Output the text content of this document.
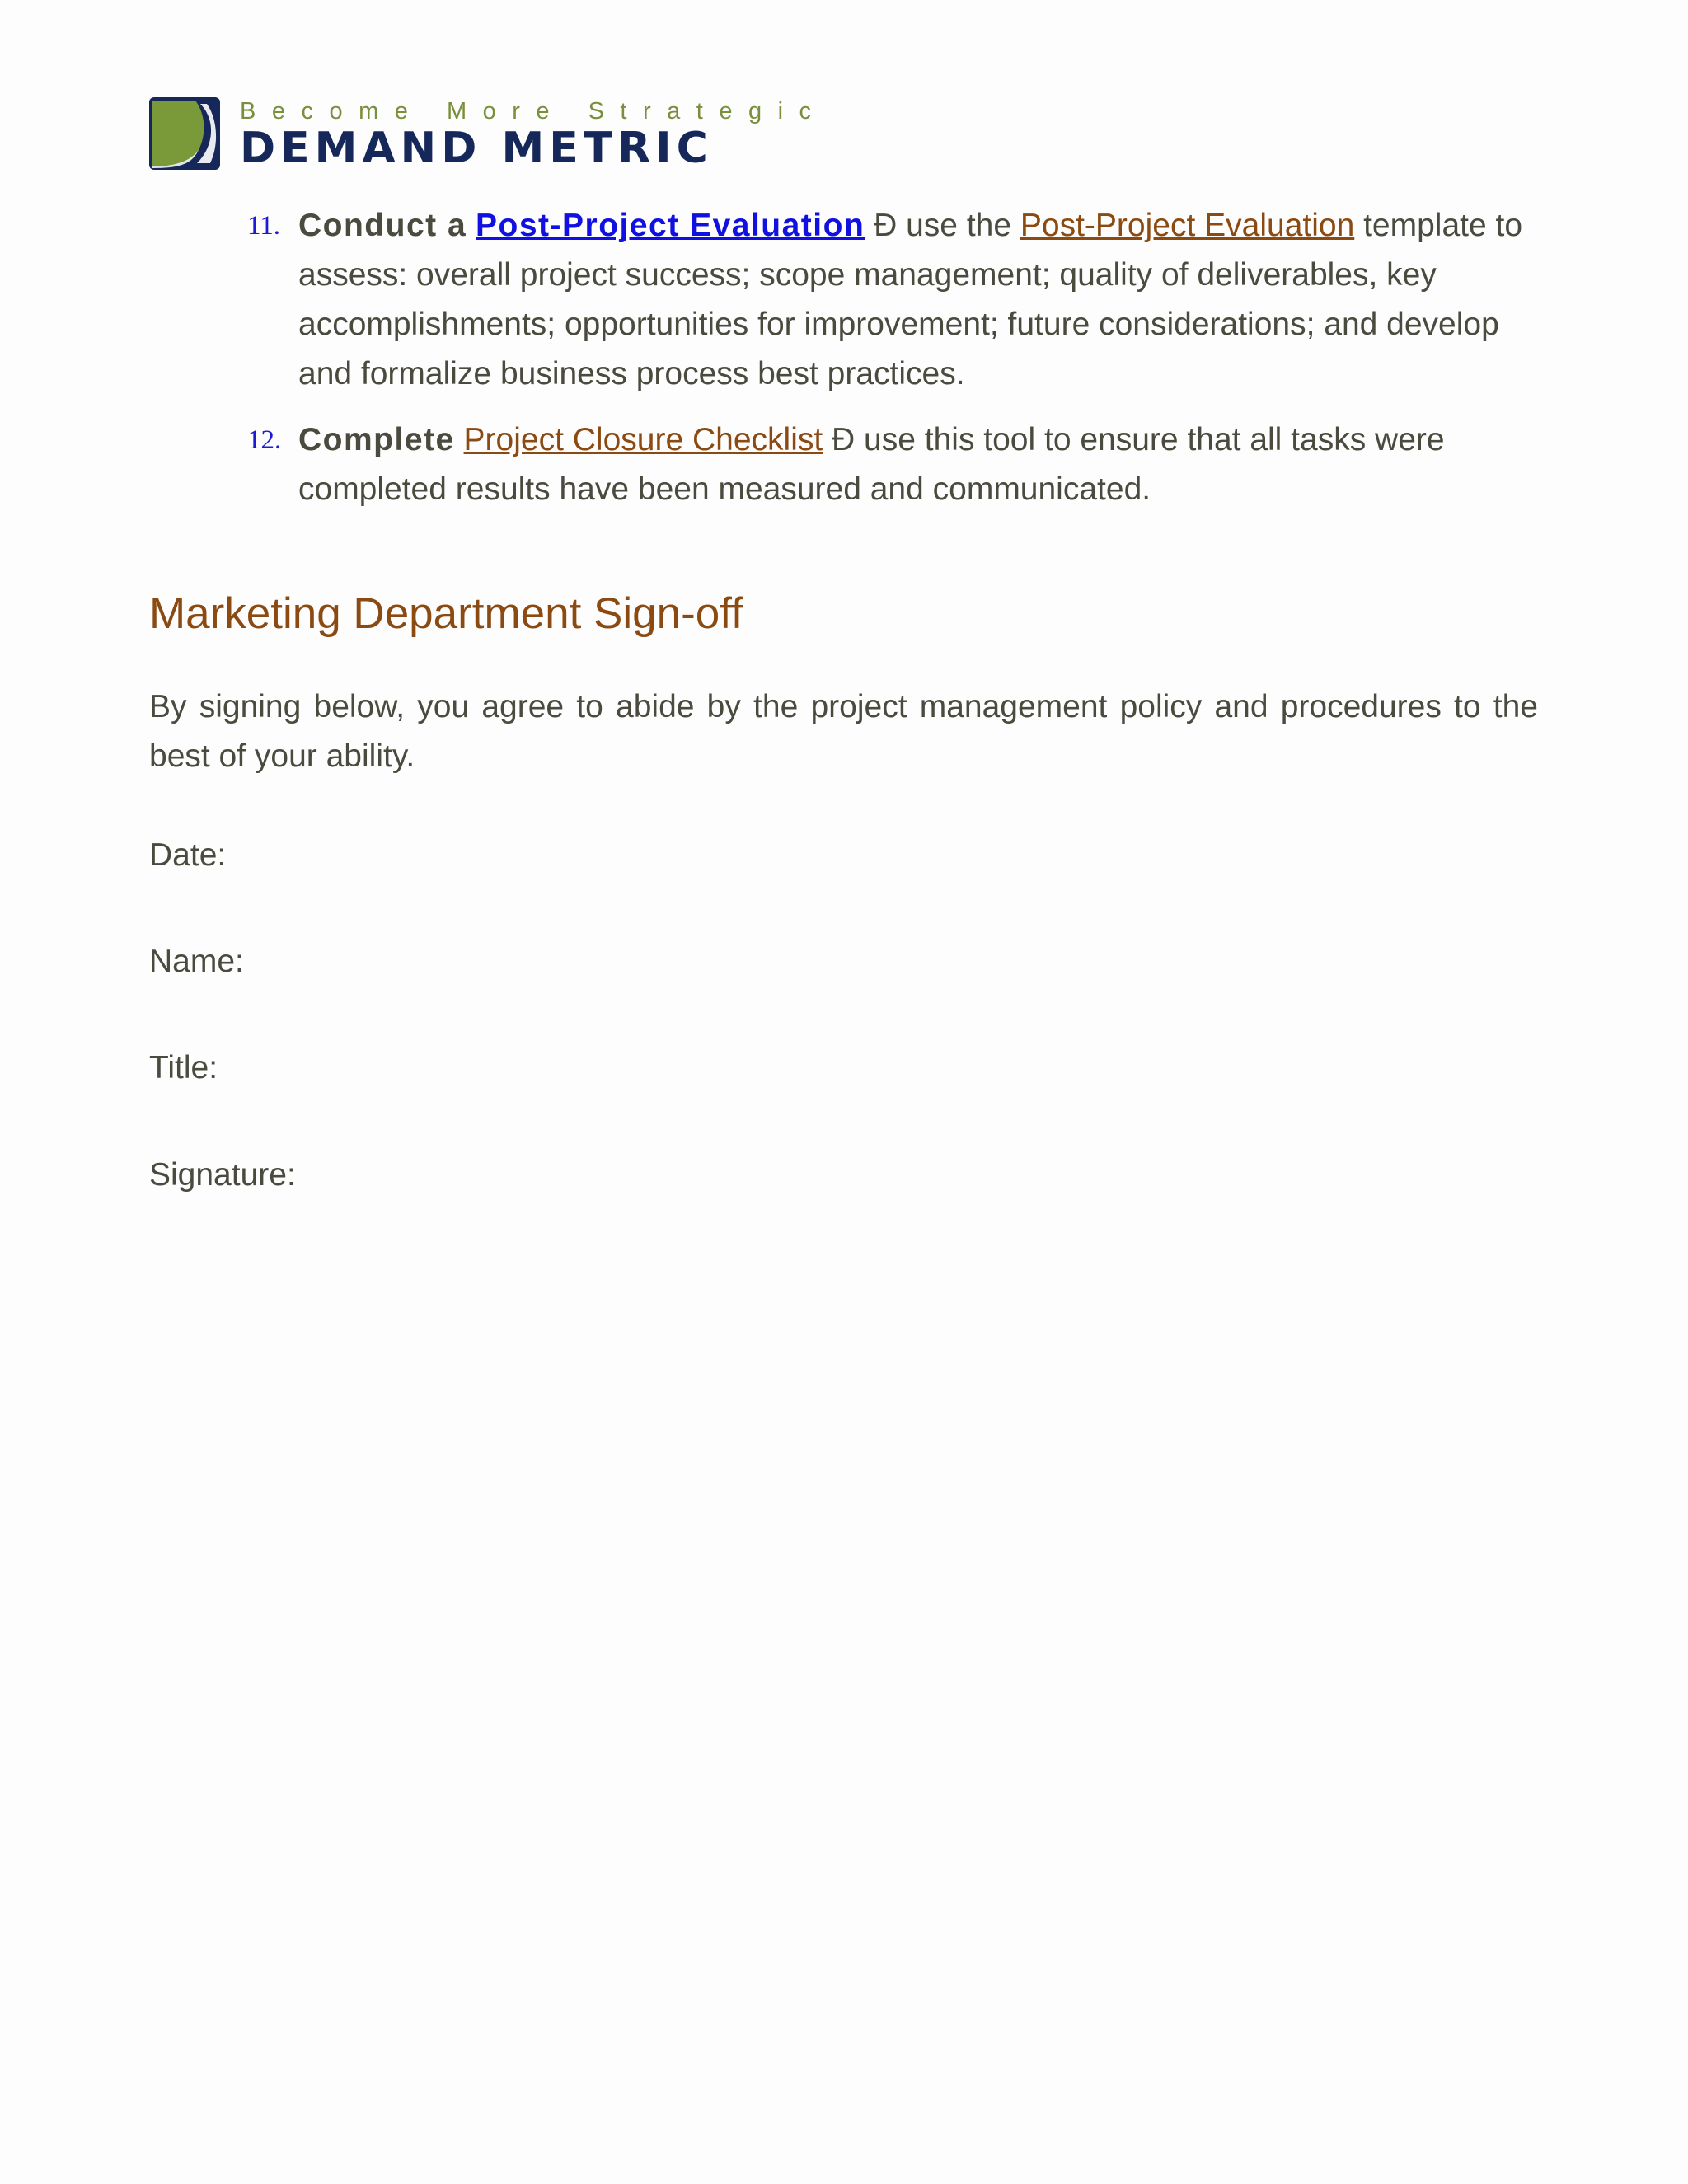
Become More Strategic
DEMAND METRIC
11. Conduct a Post-Project Evaluation Ð use the Post-Project Evaluation template to assess: overall project success; scope management; quality of deliverables, key accomplishments; opportunities for improvement; future considerations; and develop and formalize business process best practices.
12. Complete Project Closure Checklist Ð use this tool to ensure that all tasks were completed results have been measured and communicated.
Marketing Department Sign-off
By signing below, you agree to abide by the project management policy and procedures to the best of your ability.
Date:
Name:
Title:
Signature:
